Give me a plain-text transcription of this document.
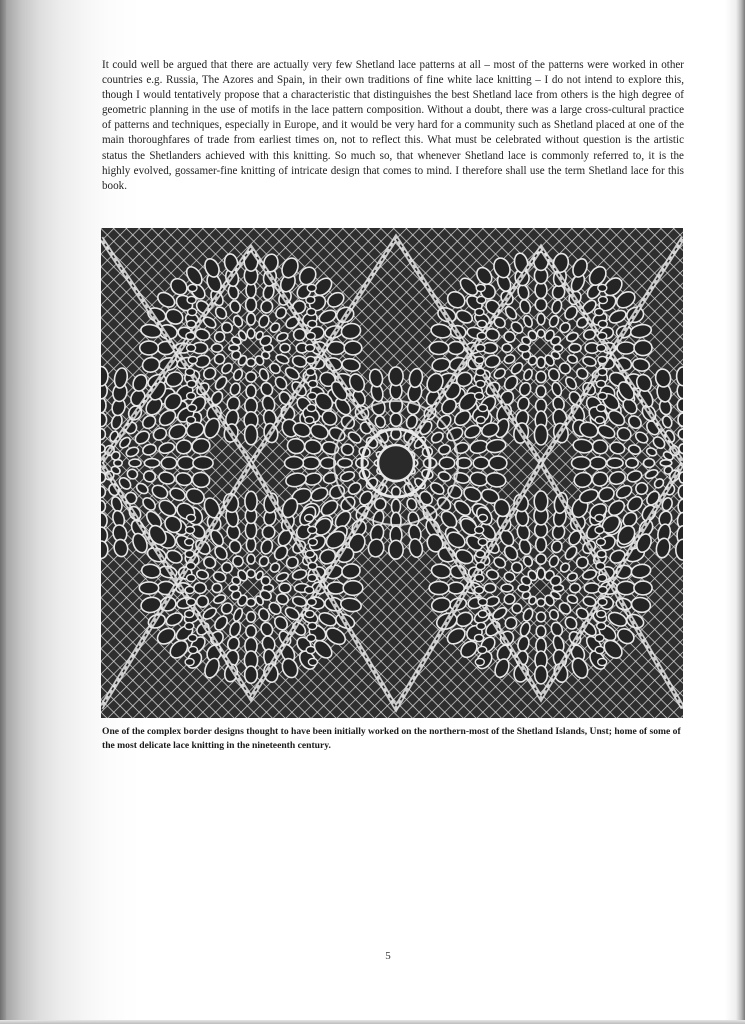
It could well be argued that there are actually very few Shetland lace patterns at all – most of the patterns were worked in other countries e.g. Russia, The Azores and Spain, in their own traditions of fine white lace knitting – I do not intend to explore this, though I would tentatively propose that a characteristic that distinguishes the best Shetland lace from others is the high degree of geometric planning in the use of motifs in the lace pattern composition. Without a doubt, there was a large cross-cultural practice of patterns and techniques, especially in Europe, and it would be very hard for a community such as Shetland placed at one of the main thoroughfares of trade from earliest times on, not to reflect this. What must be celebrated without question is the artistic status the Shetlanders achieved with this knitting. So much so, that whenever Shetland lace is commonly referred to, it is the highly evolved, gossamer-fine knitting of intricate design that comes to mind. I therefore shall use the term Shetland lace for this book.

One of the complex border designs thought to have been initially worked on the northern-most of the Shetland Islands, Unst; home of some of the most delicate lace knitting in the nineteenth century.

5
